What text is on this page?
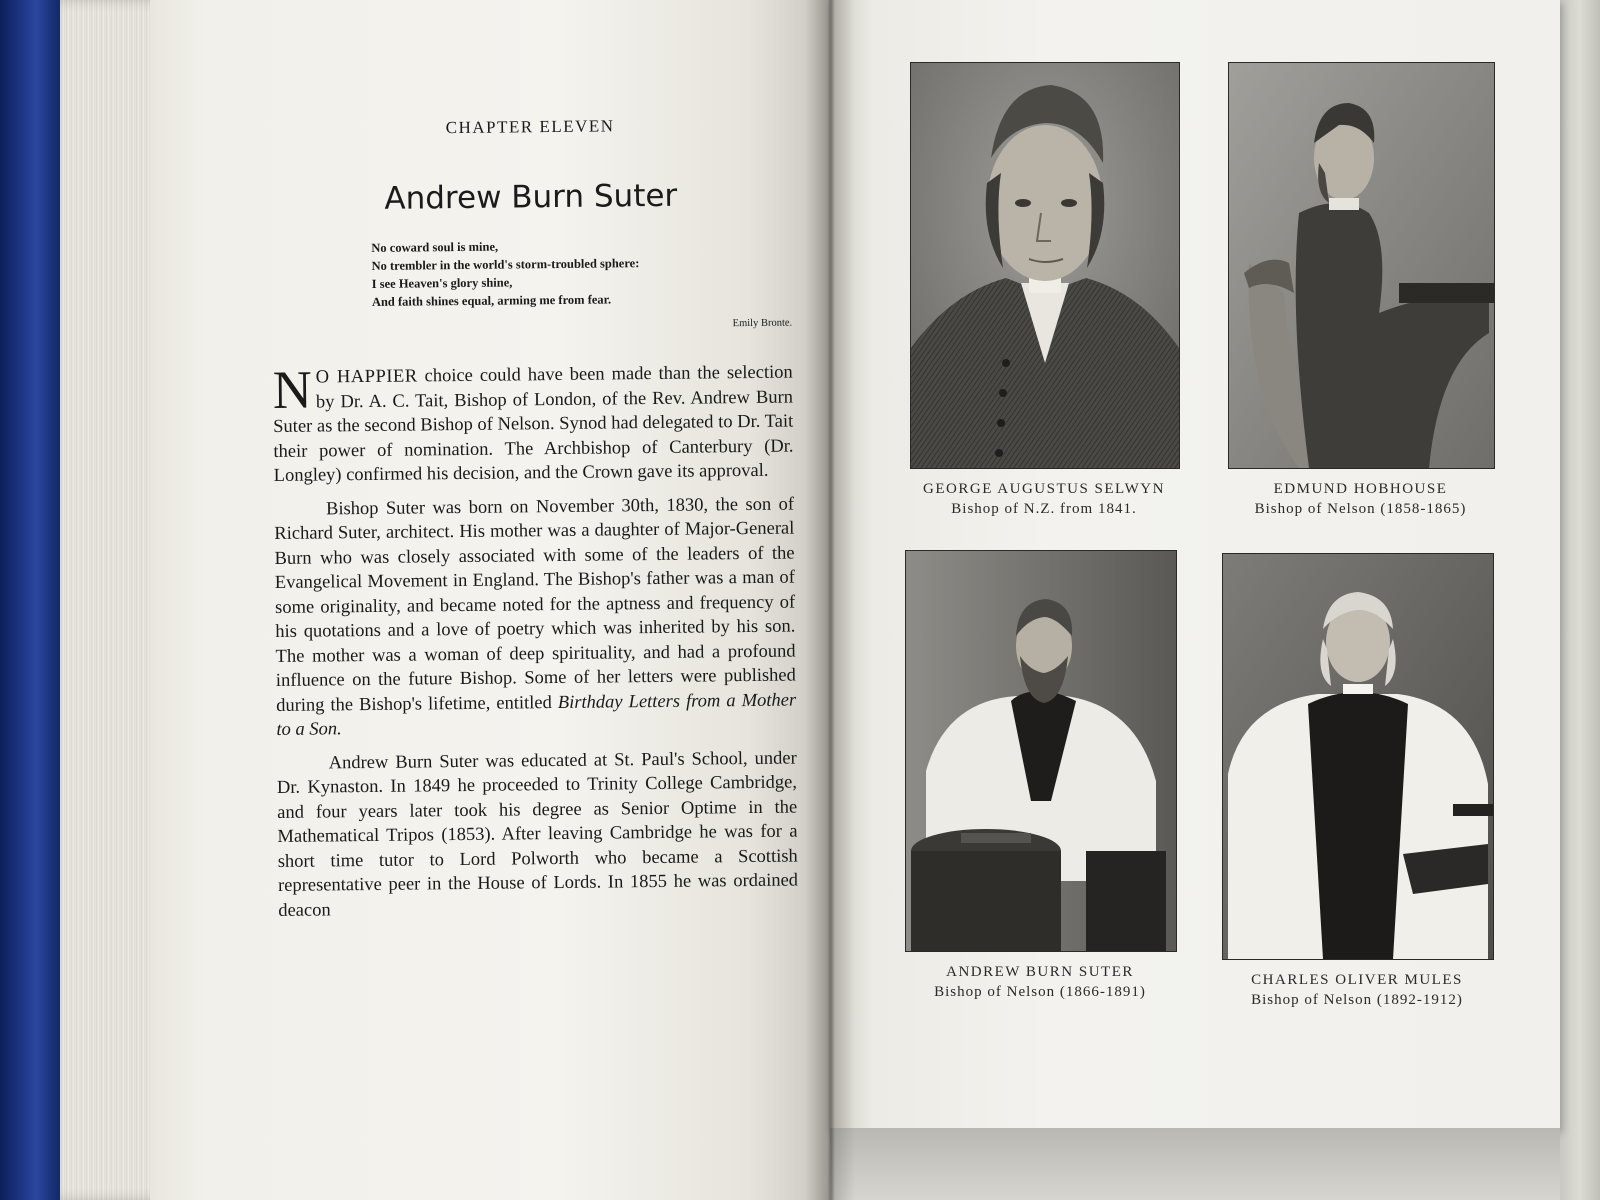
CHAPTER ELEVEN
Andrew Burn Suter
No coward soul is mine,
No trembler in the world's storm-troubled sphere:
I see Heaven's glory shine,
And faith shines equal, arming me from fear.
Emily Bronte.

N O HAPPIER choice could have been made than the selection by Dr. A. C. Tait, Bishop of London, of the Rev. Andrew Burn Suter as the second Bishop of Nelson. Synod had delegated to Dr. Tait their power of nomination. The Archbishop of Canterbury (Dr. Longley) confirmed his decision, and the Crown gave its approval.

Bishop Suter was born on November 30th, 1830, the son of Richard Suter, architect. His mother was a daughter of Major-General Burn who was closely associated with some of the leaders of the Evangelical Movement in England. The Bishop's father was a man of some originality, and became noted for the aptness and frequency of his quotations and a love of poetry which was inherited by his son. The mother was a woman of deep spirituality, and had a profound influence on the future Bishop. Some of her letters were published during the Bishop's lifetime, entitled Birthday Letters from a Mother to a Son.

Andrew Burn Suter was educated at St. Paul's School, under Dr. Kynaston. In 1849 he proceeded to Trinity College Cambridge, and four years later took his degree as Senior Optime in the Mathematical Tripos (1853). After leaving Cambridge he was for a short time tutor to Lord Polworth who became a Scottish representative peer in the House of Lords. In 1855 he was ordained deacon

GEORGE AUGUSTUS SELWYN
Bishop of N.Z. from 1841.
EDMUND HOBHOUSE
Bishop of Nelson (1858-1865)
ANDREW BURN SUTER
Bishop of Nelson (1866-1891)
CHARLES OLIVER MULES
Bishop of Nelson (1892-1912)
